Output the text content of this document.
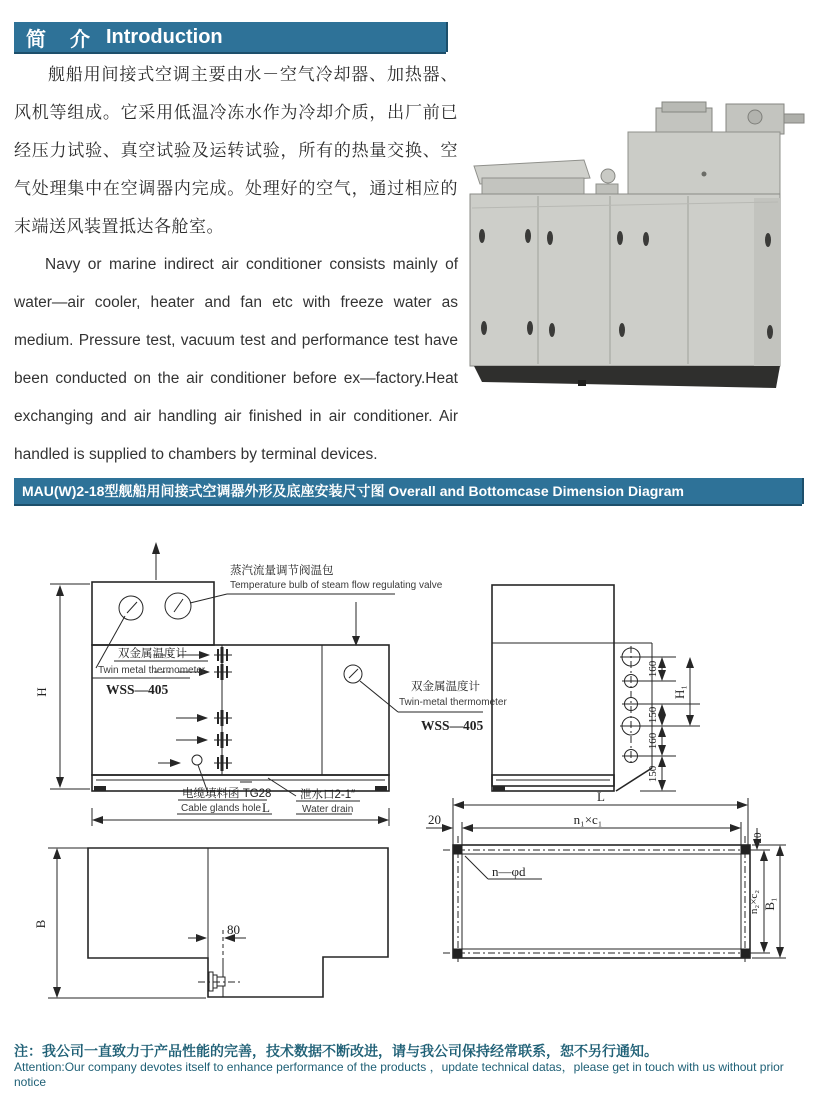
简　介 Introduction

舰船用间接式空调主要由水－空气冷却器、加热器、风机等组成。它采用低温冷冻水作为冷却介质，出厂前已经压力试验、真空试验及运转试验，所有的热量交换、空气处理集中在空调器内完成。处理好的空气，通过相应的末端送风装置抵达各舱室。

Navy or marine indirect air conditioner consists mainly of water—air cooler, heater and fan etc with freeze water as medium. Pressure test, vacuum test and performance test have been conducted on the air conditioner before ex—factory.Heat exchanging and air handling air finished in air conditioner. Air handled is supplied to chambers by terminal devices.

MAU(W)2-18型舰船用间接式空调器外形及底座安装尺寸图 Overall and Bottomcase Dimension Diagram
H
蒸汽流量调节阀温包
Temperature bulb of steam flow regulating valve
双金属温度计
Twin metal thermometer
WSS—405	双金属温度计
Twin-metal thermometer
WSS—405
电缆填料函 TG28
Cable glands hole L
泄水口2-1″
Water drain
160
150
160
150
H₁
L
20	n₁×c₁
n—φd
20
n₂×c₂ B₁
B	80
注：我公司一直致力于产品性能的完善，技术数据不断改进，请与我公司保持经常联系，恕不另行通知。
Attention:Our company devotes itself to enhance performance of the products ，update technical datas，please get in touch with us without prior notice
